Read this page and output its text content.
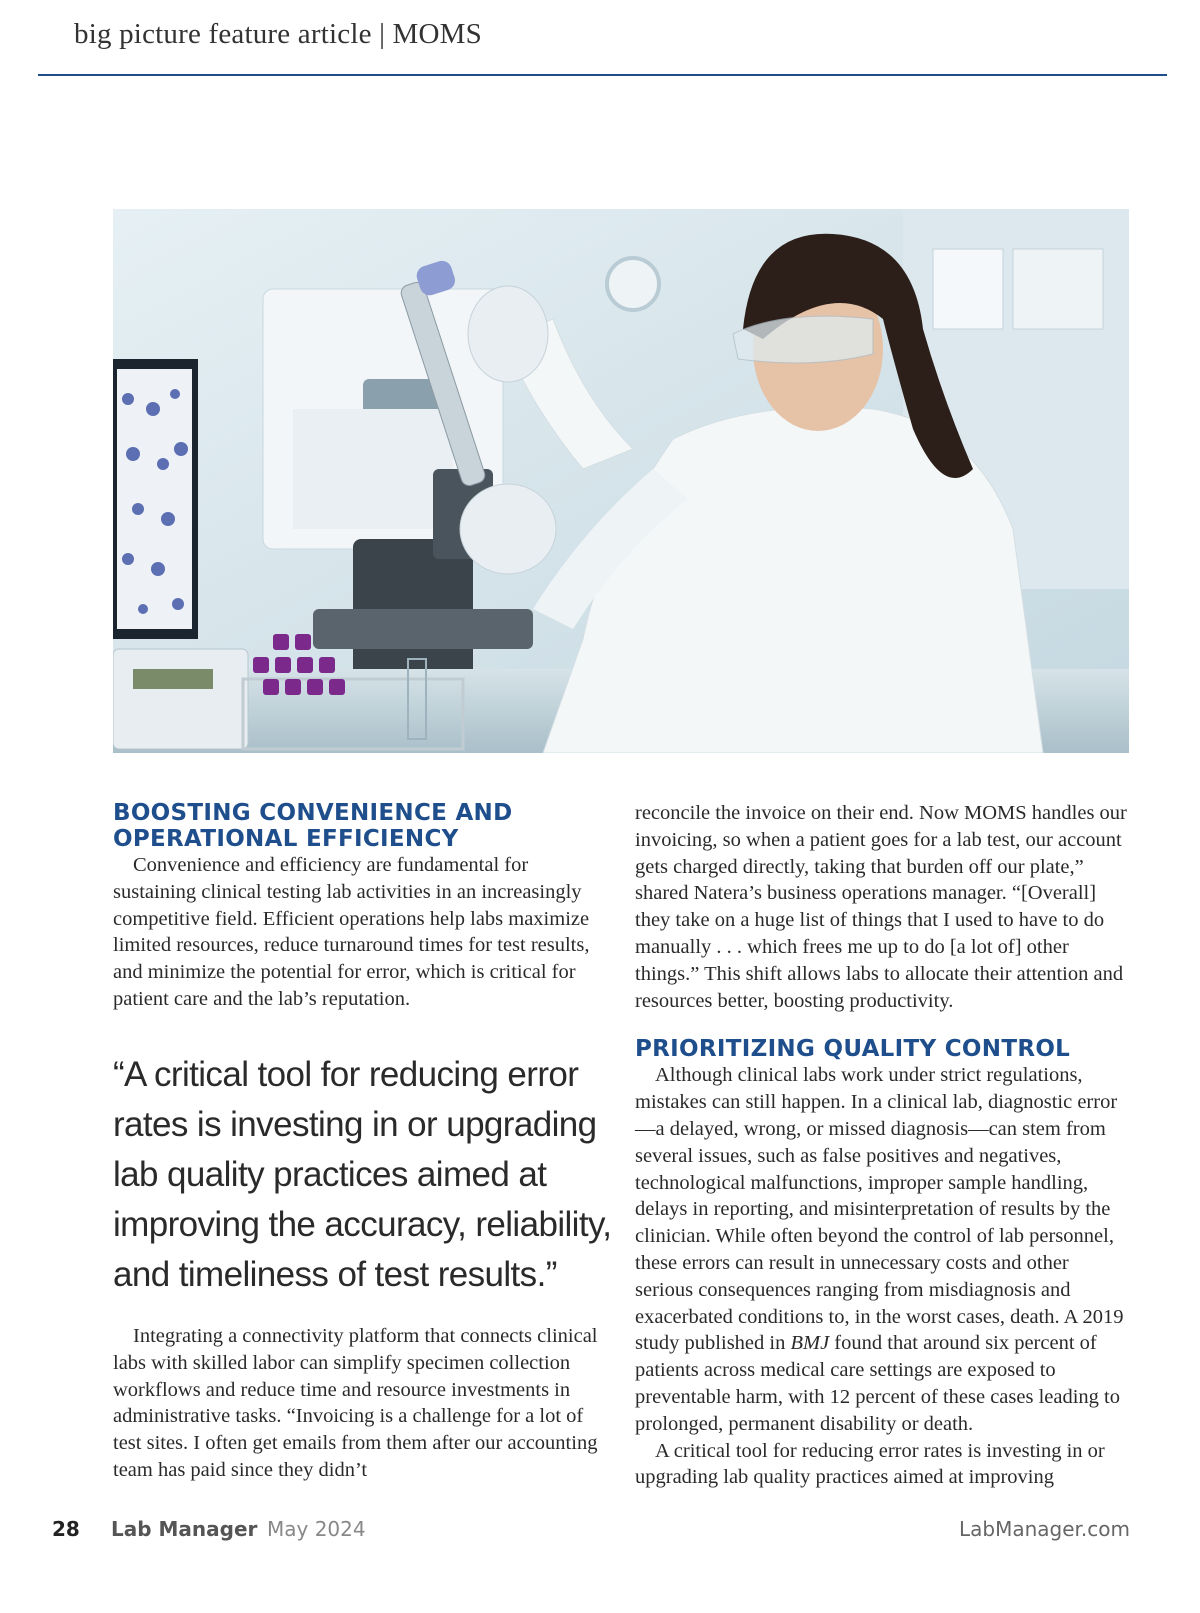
big picture feature article | MOMS
BOOSTING CONVENIENCE AND OPERATIONAL EFFICIENCY

Convenience and efficiency are fundamental for sustaining clinical testing lab activities in an increasingly competitive field. Efficient operations help labs maximize limited resources, reduce turnaround times for test results, and minimize the potential for error, which is critical for patient care and the lab’s reputation.

“A critical tool for reducing error rates is investing in or upgrading lab quality practices aimed at improving the accuracy, reliability, and timeliness of test results.”

Integrating a connectivity platform that connects clinical labs with skilled labor can simplify specimen collection workflows and reduce time and resource investments in administrative tasks. “Invoicing is a challenge for a lot of test sites. I often get emails from them after our accounting team has paid since they didn’t

reconcile the invoice on their end. Now MOMS handles our invoicing, so when a patient goes for a lab test, our account gets charged directly, taking that burden off our plate,” shared Natera’s business operations manager. “[Overall] they take on a huge list of things that I used to have to do manually . . . which frees me up to do [a lot of] other things.” This shift allows labs to allocate their attention and resources better, boosting productivity.

PRIORITIZING QUALITY CONTROL

Although clinical labs work under strict regulations, mistakes can still happen. In a clinical lab, diagnostic error—a delayed, wrong, or missed diagnosis—can stem from several issues, such as false positives and negatives, technological malfunctions, improper sample handling, delays in reporting, and misinterpretation of results by the clinician. While often beyond the control of lab personnel, these errors can result in unnecessary costs and other serious consequences ranging from misdiagnosis and exacerbated conditions to, in the worst cases, death. A 2019 study published in BMJ found that around six percent of patients across medical care settings are exposed to preventable harm, with 12 percent of these cases leading to prolonged, permanent disability or death.

A critical tool for reducing error rates is investing in or upgrading lab quality practices aimed at improving

28 Lab Manager May 2024	LabManager.com
